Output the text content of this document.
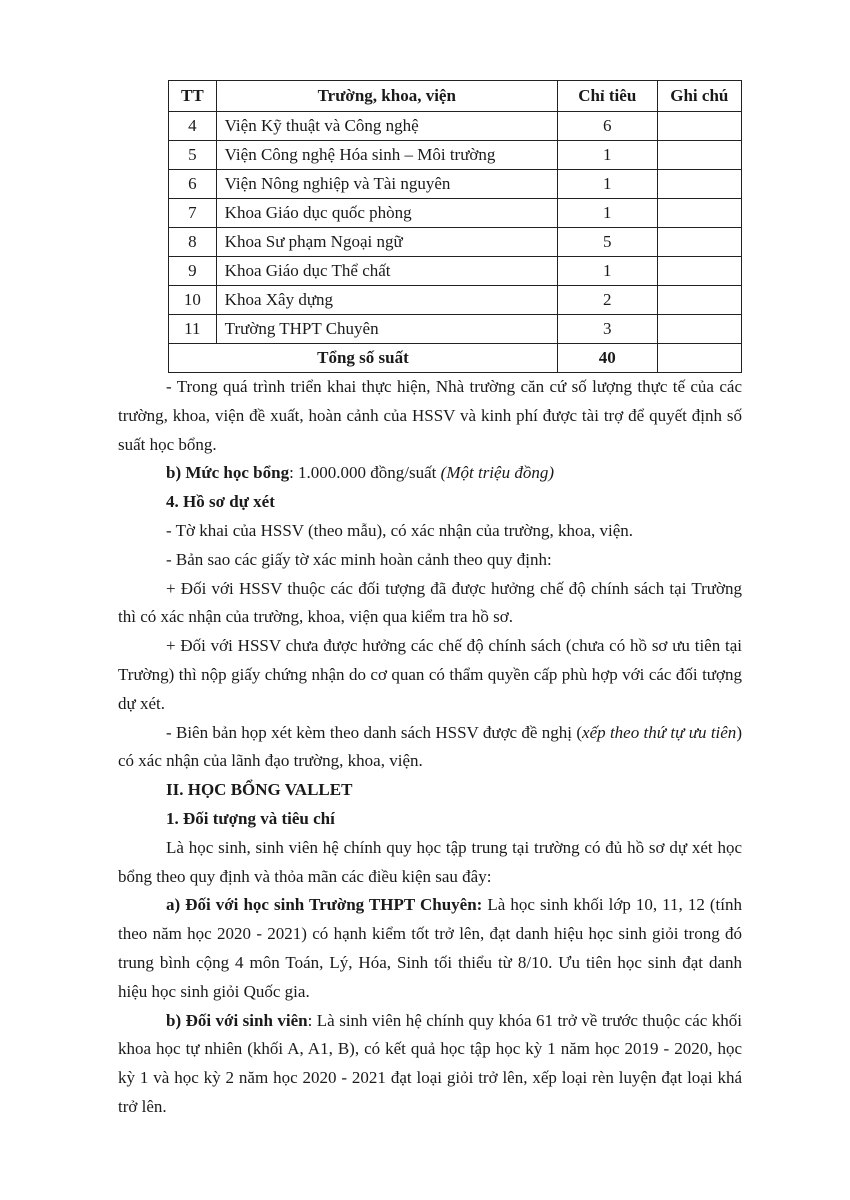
TT	Trường, khoa, viện	Chỉ tiêu	Ghi chú
4	Viện Kỹ thuật và Công nghệ	6	
5	Viện Công nghệ Hóa sinh – Môi trường	1	
6	Viện Nông nghiệp và Tài nguyên	1	
7	Khoa Giáo dục quốc phòng	1	
8	Khoa Sư phạm Ngoại ngữ	5	
9	Khoa Giáo dục Thể chất	1	
10	Khoa Xây dựng	2	
11	Trường THPT Chuyên	3	
Tổng số suất		40	

- Trong quá trình triển khai thực hiện, Nhà trường căn cứ số lượng thực tế của các trường, khoa, viện đề xuất, hoàn cảnh của HSSV và kinh phí được tài trợ để quyết định số suất học bổng.

b) Mức học bổng: 1.000.000 đồng/suất (Một triệu đồng)

4. Hồ sơ dự xét

- Tờ khai của HSSV (theo mẫu), có xác nhận của trường, khoa, viện.

- Bản sao các giấy tờ xác minh hoàn cảnh theo quy định:

+ Đối với HSSV thuộc các đối tượng đã được hưởng chế độ chính sách tại Trường thì có xác nhận của trường, khoa, viện qua kiểm tra hồ sơ.

+ Đối với HSSV chưa được hưởng các chế độ chính sách (chưa có hồ sơ ưu tiên tại Trường) thì nộp giấy chứng nhận do cơ quan có thẩm quyền cấp phù hợp với các đối tượng dự xét.

- Biên bản họp xét kèm theo danh sách HSSV được đề nghị (xếp theo thứ tự ưu tiên) có xác nhận của lãnh đạo trường, khoa, viện.

II. HỌC BỔNG VALLET

1. Đối tượng và tiêu chí

Là học sinh, sinh viên hệ chính quy học tập trung tại trường có đủ hồ sơ dự xét học bổng theo quy định và thỏa mãn các điều kiện sau đây:

a) Đối với học sinh Trường THPT Chuyên: Là học sinh khối lớp 10, 11, 12 (tính theo năm học 2020 - 2021) có hạnh kiểm tốt trở lên, đạt danh hiệu học sinh giỏi trong đó trung bình cộng 4 môn Toán, Lý, Hóa, Sinh tối thiểu từ 8/10. Ưu tiên học sinh đạt danh hiệu học sinh giỏi Quốc gia.

b) Đối với sinh viên: Là sinh viên hệ chính quy khóa 61 trở về trước thuộc các khối khoa học tự nhiên (khối A, A1, B), có kết quả học tập học kỳ 1 năm học 2019 - 2020, học kỳ 1 và học kỳ 2 năm học 2020 - 2021 đạt loại giỏi trở lên, xếp loại rèn luyện đạt loại khá trở lên.
